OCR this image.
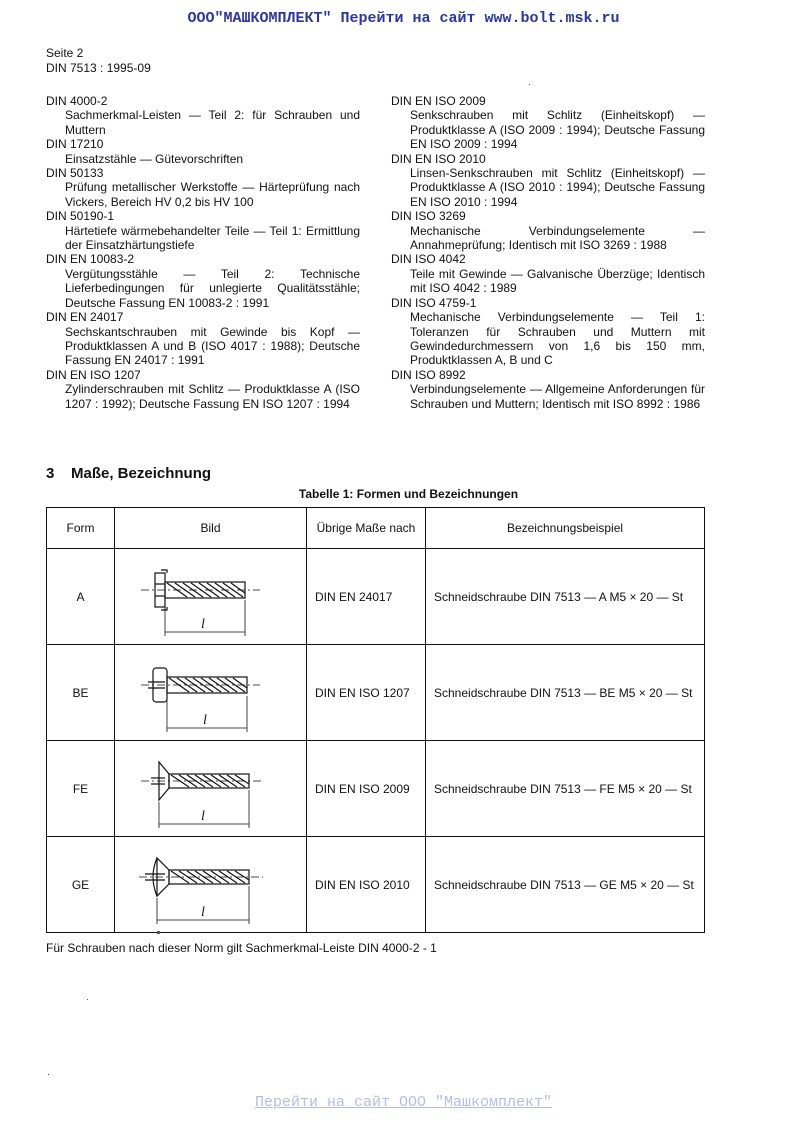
ООО"МАШКОМПЛЕКТ" Перейти на сайт www.bolt.msk.ru
Seite 2
DIN 7513 : 1995-09
DIN 4000-2
Sachmerkmal-Leisten — Teil 2: für Schrauben und Muttern
DIN 17210
Einsatzstähle — Gütevorschriften
DIN 50133
Prüfung metallischer Werkstoffe — Härteprüfung nach Vickers, Bereich HV 0,2 bis HV 100
DIN 50190-1
Härtetiefe wärmebehandelter Teile — Teil 1: Ermittlung der Einsatzhärtungstiefe
DIN EN 10083-2
Vergütungsstähle — Teil 2: Technische Lieferbedingungen für unlegierte Qualitätsstähle; Deutsche Fassung EN 10083-2 : 1991
DIN EN 24017
Sechskantschrauben mit Gewinde bis Kopf — Produktklassen A und B (ISO 4017 : 1988); Deutsche Fassung EN 24017 : 1991
DIN EN ISO 1207
Zylinderschrauben mit Schlitz — Produktklasse A (ISO 1207 : 1992); Deutsche Fassung EN ISO 1207 : 1994
DIN EN ISO 2009
Senkschrauben mit Schlitz (Einheitskopf) — Produktklasse A (ISO 2009 : 1994); Deutsche Fassung EN ISO 2009 : 1994
DIN EN ISO 2010
Linsen-Senkschrauben mit Schlitz (Einheitskopf) — Produktklasse A (ISO 2010 : 1994); Deutsche Fassung EN ISO 2010 : 1994
DIN ISO 3269
Mechanische Verbindungselemente — Annahmeprüfung; Identisch mit ISO 3269 : 1988
DIN ISO 4042
Teile mit Gewinde — Galvanische Überzüge; Identisch mit ISO 4042 : 1989
DIN ISO 4759-1
Mechanische Verbindungselemente — Teil 1: Toleranzen für Schrauben und Muttern mit Gewindedurchmessern von 1,6 bis 150 mm, Produktklassen A, B und C
DIN ISO 8992
Verbindungselemente — Allgemeine Anforderungen für Schrauben und Muttern; Identisch mit ISO 8992 : 1986
3 Maße, Bezeichnung
Tabelle 1: Formen und Bezeichnungen
Form	Bild	Übrige Maße nach	Bezeichnungsbeispiel
A	l	DIN EN 24017	Schneidschraube DIN 7513 — A M5 × 20 — St
BE	l	DIN EN ISO 1207	Schneidschraube DIN 7513 — BE M5 × 20 — St
FE	l	DIN EN ISO 2009	Schneidschraube DIN 7513 — FE M5 × 20 — St
GE	l	DIN EN ISO 2010	Schneidschraube DIN 7513 — GE M5 × 20 — St
Für Schrauben nach dieser Norm gilt Sachmerkmal-Leiste DIN 4000-2 - 1
Перейти на сайт ООО "Машкомплект"
